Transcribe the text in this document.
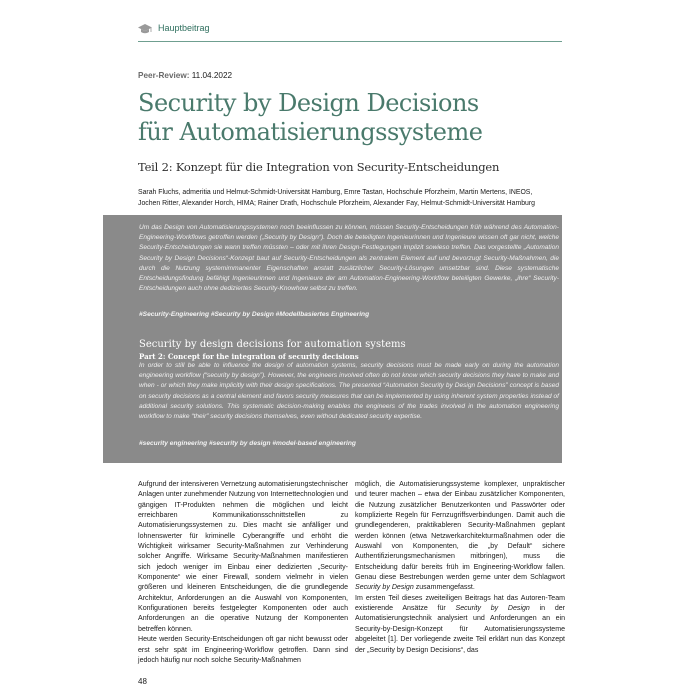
Hauptbeitrag
Peer-Review: 11.04.2022
Security by Design Decisions
für Automatisierungssysteme
Teil 2: Konzept für die Integration von Security-Entscheidungen
Sarah Fluchs, admeritia und Helmut-Schmidt-Universität Hamburg, Emre Tastan, Hochschule Pforzheim, Martin Mertens, INEOS,
Jochen Ritter, Alexander Horch, HIMA; Rainer Drath, Hochschule Pforzheim, Alexander Fay, Helmut-Schmidt-Universität Hamburg
Um das Design von Automatisierungssystemen noch beeinflussen zu können, müssen Security-Entscheidungen früh während des Automation-Engineering-Workflows getroffen werden („Security by Design“). Doch die beteiligten Ingenieurinnen und Ingenieure wissen oft gar nicht, welche Security-Entscheidungen sie wann treffen müssten – oder mit ihren Design-Festlegungen implizit sowieso treffen. Das vorgestellte „Automation Security by Design Decisions“-Konzept baut auf Security-Entscheidungen als zentralem Element auf und bevorzugt Security-Maßnahmen, die durch die Nutzung systemimmanenter Eigenschaften anstatt zusätzlicher Security-Lösungen umsetzbar sind. Diese systematische Entscheidungsfindung befähigt Ingenieurinnen und Ingenieure der am Automation-Engineering-Workflow beteiligten Gewerke, „ihre“ Security-Entscheidungen auch ohne dediziertes Security-Knowhow selbst zu treffen.
#Security-Engineering #Security by Design #Modellbasiertes Engineering
Security by design decisions for automation systems
Part 2: Concept for the integration of security decisions
In order to still be able to influence the design of automation systems, security decisions must be made early on during the automation engineering workflow (“security by design”). However, the engineers involved often do not know which security decisions they have to make and when - or which they make implicitly with their design specifications. The presented “Automation Security by Design Decisions” concept is based on security decisions as a central element and favors security measures that can be implemented by using inherent system properties instead of additional security solutions. This systematic decision-making enables the engineers of the trades involved in the automation engineering workflow to make “their” security decisions themselves, even without dedicated security expertise.
#security engineering #security by design #model-based engineering

Aufgrund der intensiveren Vernetzung automatisierungstechnischer Anlagen unter zunehmender Nutzung von Internettechnologien und gängigen IT-Produkten nehmen die möglichen und leicht erreichbaren Kommunikationsschnittstellen zu Automatisierungssystemen zu. Dies macht sie anfälliger und lohnenswerter für kriminelle Cyberangriffe und erhöht die Wichtigkeit wirksamer Security-Maßnahmen zur Verhinderung solcher Angriffe. Wirksame Security-Maßnahmen manifestieren sich jedoch weniger im Einbau einer dedizierten „Security-Komponente“ wie einer Firewall, sondern vielmehr in vielen größeren und kleineren Entscheidungen, die die grundlegende Architektur, Anforderungen an die Auswahl von Komponenten, Konfigurationen bereits festgelegter Komponenten oder auch Anforderungen an die operative Nutzung der Komponenten betreffen können.

Heute werden Security-Entscheidungen oft gar nicht bewusst oder erst sehr spät im Engineering-Workflow getroffen. Dann sind jedoch häufig nur noch solche Security-Maßnahmen

möglich, die Automatisierungssysteme komplexer, unpraktischer und teurer machen – etwa der Einbau zusätzlicher Komponenten, die Nutzung zusätzlicher Benutzerkonten und Passwörter oder komplizierte Regeln für Fernzugriffsverbindungen. Damit auch die grundlegenderen, praktikableren Security-Maßnahmen geplant werden können (etwa Netzwerkarchitekturmaßnahmen oder die Auswahl von Komponenten, die „by Default“ sichere Authentifizierungsmechanismen mitbringen), muss die Entscheidung dafür bereits früh im Engineering-Workflow fallen. Genau diese Bestrebungen werden gerne unter dem Schlagwort Security by Design zusammengefasst.

Im ersten Teil dieses zweiteiligen Beitrags hat das Autoren-Team existierende Ansätze für Security by Design in der Automatisierungstechnik analysiert und Anforderungen an ein Security-by-Design-Konzept für Automatisierungssysteme abgeleitet [1]. Der vorliegende zweite Teil erklärt nun das Konzept der „Security by Design Decisions“, das

48
